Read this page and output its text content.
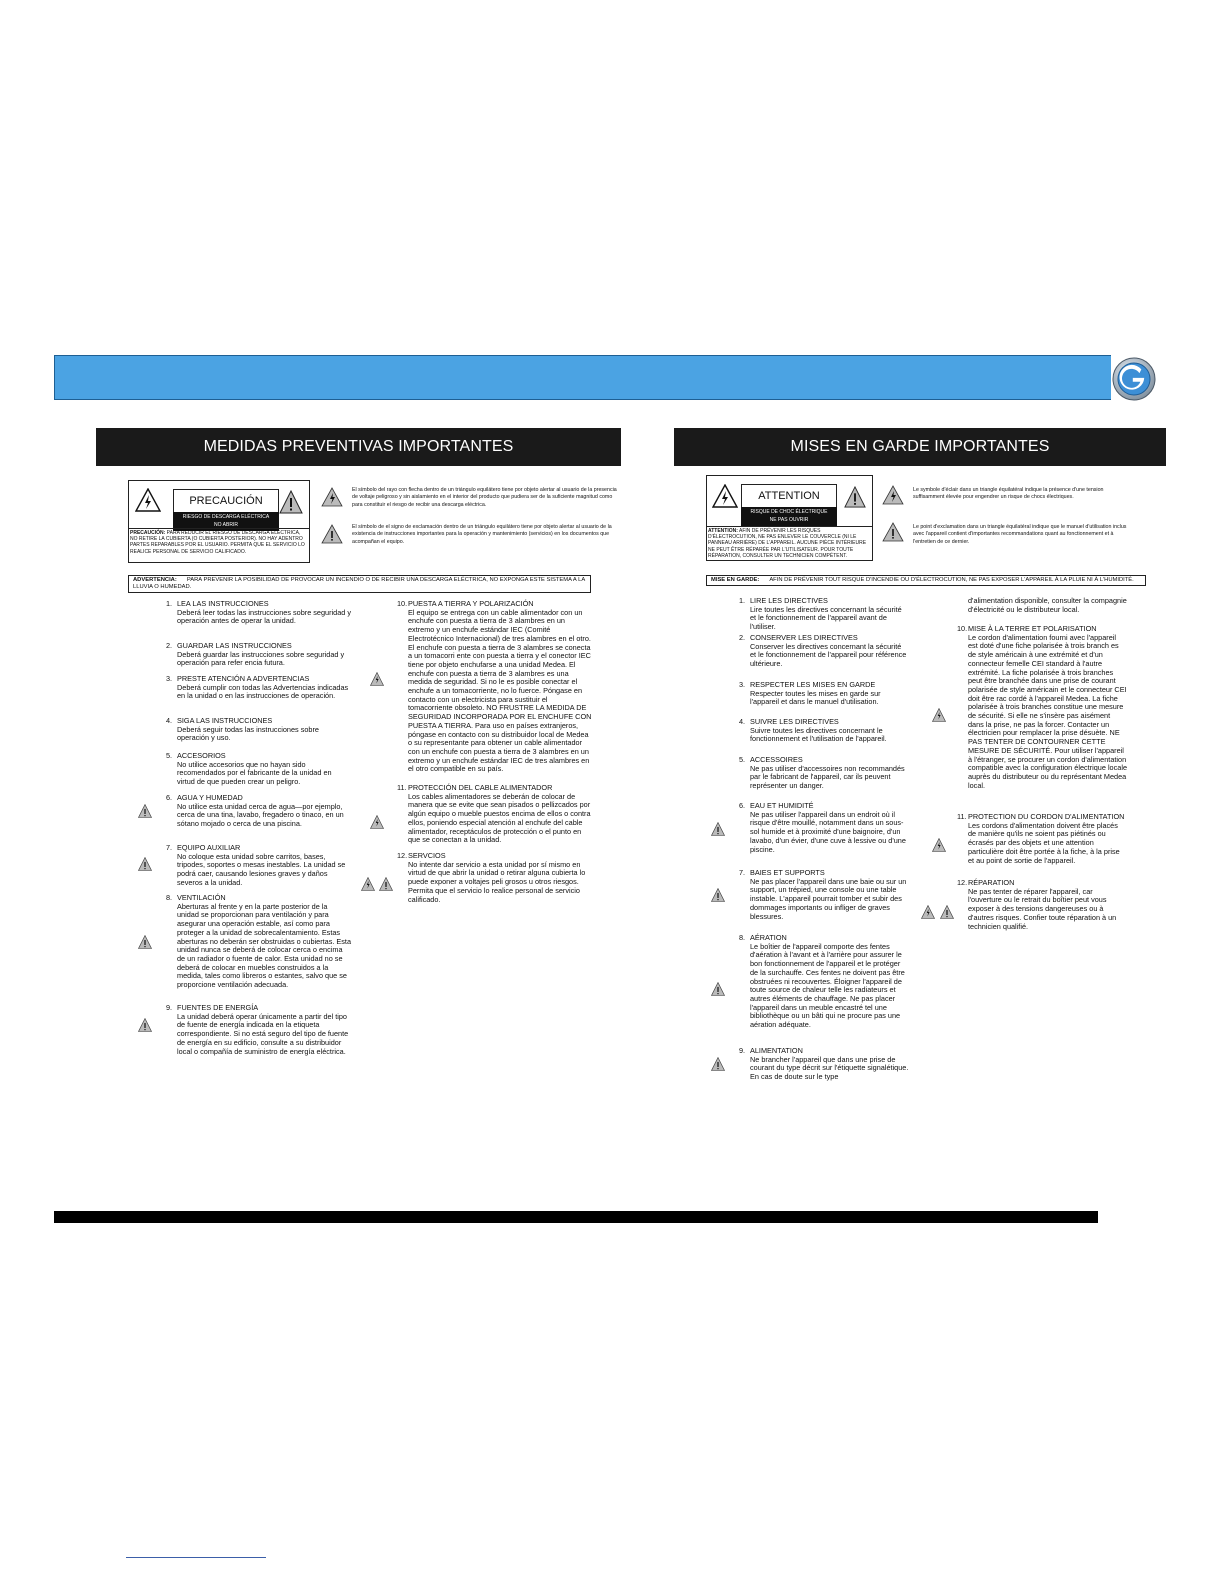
MEDIDAS PREVENTIVAS IMPORTANTES
PRECAUCIÓN
RIESGO DE DESCARGA ELÉCTRICA
NO ABRIR
PRECAUCIÓN: PARA REDUCIR EL RIESGO DE DESCARGA ELÉCTRICA, NO RETIRE LA CUBIERTA (O CUBIERTA POSTERIOR). NO HAY ADENTRO PARTES REPARABLES POR EL USUARIO. PERMITA QUE EL SERVICIO LO REALICE PERSONAL DE SERVICIO CALIFICADO.
El símbolo del rayo con flecha dentro de un triángulo equilátero tiene por objeto alertar al usuario de la presencia de voltaje peligroso y sin aislamiento en el interior del producto que pudiera ser de la suficiente magnitud como para constituir el riesgo de recibir una descarga eléctrica.
El símbolo de el signo de exclamación dentro de un triángulo equilátero tiene por objeto alertar al usuario de la existencia de instrucciones importantes para la operación y mantenimiento (servicios) en los documentos que acompañan el equipo.
ADVERTENCIA: PARA PREVENIR LA POSIBILIDAD DE PROVOCAR UN INCENDIO O DE RECIBIR UNA DESCARGA ELÉCTRICA, NO EXPONGA ESTE SISTEMA A LA LLUVIA O HUMEDAD.
1. LEA LAS INSTRUCCIONES
Deberá leer todas las instrucciones sobre seguridad y operación antes de operar la unidad.
2. GUARDAR LAS INSTRUCCIONES
Deberá guardar las instrucciones sobre seguridad y operación para refer encia futura.
3. PRESTE ATENCIÓN A ADVERTENCIAS
Deberá cumplir con todas las Advertencias indicadas en la unidad o en las instrucciones de operación.
4. SIGA LAS INSTRUCCIONES
Deberá seguir todas las instrucciones sobre operación y uso.
5. ACCESORIOS
No utilice accesorios que no hayan sido recomendados por el fabricante de la unidad en virtud de que pueden crear un peligro.
6. AGUA Y HUMEDAD
No utilice esta unidad cerca de agua—por ejemplo, cerca de una tina, lavabo, fregadero o tinaco, en un sótano mojado o cerca de una piscina.
7. EQUIPO AUXILIAR
No coloque esta unidad sobre carritos, bases, tripodes, soportes o mesas inestables. La unidad se podrá caer, causando lesiones graves y daños severos a la unidad.
8. VENTILACIÓN
Aberturas al frente y en la parte posterior de la unidad se proporcionan para ventilación y para asegurar una operación estable, así como para proteger a la unidad de sobrecalentamiento. Estas aberturas no deberán ser obstruidas o cubiertas. Esta unidad nunca se deberá de colocar cerca o encima de un radiador o fuente de calor. Esta unidad no se deberá de colocar en muebles construidos a la medida, tales como libreros o estantes, salvo que se proporcione ventilación adecuada.
9. FUENTES DE ENERGÍA
La unidad deberá operar únicamente a partir del tipo de fuente de energía indicada en la etiqueta correspondiente. Si no está seguro del tipo de fuente de energía en su edificio, consulte a su distribuidor local o compañía de suministro de energía eléctrica.
10.PUESTA A TIERRA Y POLARIZACIÓN
El equipo se entrega con un cable alimentador con un enchufe con puesta a tierra de 3 alambres en un extremo y un enchufe estándar IEC (Comité Electrotécnico Internacional) de tres alambres en el otro. El enchufe con puesta a tierra de 3 alambres se conecta a un tomacorri ente con puesta a tierra y el conector IEC tiene por objeto enchufarse a una unidad Medea. El enchufe con puesta a tierra de 3 alambres es una medida de seguridad. Si no le es posible conectar el enchufe a un tomacorriente, no lo fuerce. Póngase en contacto con un electricista para sustituir el tomacorriente obsoleto. NO FRUSTRE LA MEDIDA DE SEGURIDAD INCORPORADA POR EL ENCHUFE CON PUESTA A TIERRA. Para uso en países extranjeros, póngase en contacto con su distribuidor local de Medea o su representante para obtener un cable alimentador con un enchufe con puesta a tierra de 3 alambres en un extremo y un enchufe estándar IEC de tres alambres en el otro compatible en su país.
11.PROTECCIÓN DEL CABLE ALIMENTADOR
Los cables alimentadores se deberán de colocar de manera que se evite que sean pisados o pellizcados por algún equipo o mueble puestos encima de ellos o contra ellos, poniendo especial atención al enchufe del cable alimentador, receptáculos de protección o el punto en que se conectan a la unidad.
12.SERVCIOS
No intente dar servicio a esta unidad por sí mismo en virtud de que abrir la unidad o retirar alguna cubierta lo puede exponer a voltajes peli grosos u otros riesgos. Permita que el servicio lo realice personal de servicio calificado.
MISES EN GARDE IMPORTANTES
ATTENTION
RISQUE DE CHOC ÉLECTRIQUE
NE PAS OUVRIR
ATTENTION: AFIN DE PRÉVENIR LES RISQUES D'ÉLECTROCUTION, NE PAS ENLEVER LE COUVERCLE (NI LE PANNEAU ARRIÈRE) DE L'APPAREIL. AUCUNE PIÈCE INTÉRIEURE NE PEUT ÊTRE RÉPARÉE PAR L'UTILISATEUR. POUR TOUTE RÉPARATION, CONSULTER UN TECHNICIEN COMPÉTENT.
Le symbole d'éclair dans un triangle équilatéral indique la présence d'une tension suffisamment élevée pour engendrer un risque de chocs électriques.
Le point d'exclamation dans un triangle équilatéral indique que le manuel d'utilisation inclus avec l'appareil contient d'importantes recommandations quant au fonctionnement et à l'entretien de ce dernier.
MISE EN GARDE: AFIN DE PRÉVENIR TOUT RISQUE D'INCENDIE OU D'ÉLECTROCUTION, NE PAS EXPOSER L'APPAREIL À LA PLUIE NI À L'HUMIDITÉ.
1. LIRE LES DIRECTIVES
Lire toutes les directives concernant la sécurité et le fonctionnement de l'appareil avant de l'utiliser.
2. CONSERVER LES DIRECTIVES
Conserver les directives concernant la sécurité et le fonctionnement de l'appareil pour référence ultérieure.
3. RESPECTER LES MISES EN GARDE
Respecter toutes les mises en garde sur l'appareil et dans le manuel d'utilisation.
4. SUIVRE LES DIRECTIVES
Suivre toutes les directives concernant le fonctionnement et l'utilisation de l'appareil.
5. ACCESSOIRES
Ne pas utiliser d'accessoires non recommandés par le fabricant de l'appareil, car ils peuvent représenter un danger.
6. EAU ET HUMIDITÉ
Ne pas utiliser l'appareil dans un endroit où il risque d'être mouillé, notamment dans un sous-sol humide et à proximité d'une baignoire, d'un lavabo, d'un évier, d'une cuve à lessive ou d'une piscine.
7. BAIES ET SUPPORTS
Ne pas placer l'appareil dans une baie ou sur un support, un trépied, une console ou une table instable. L'appareil pourrait tomber et subir des dommages importants ou infliger de graves blessures.
8. AÉRATION
Le boîtier de l'appareil comporte des fentes d'aération à l'avant et à l'arrière pour assurer le bon fonctionnement de l'appareil et le protéger de la surchauffe. Ces fentes ne doivent pas être obstruées ni recouvertes. Éloigner l'appareil de toute source de chaleur telle les radiateurs et autres éléments de chauffage. Ne pas placer l'appareil dans un meuble encastré tel une bibliothèque ou un bâti qui ne procure pas une aération adéquate.
9. ALIMENTATION
Ne brancher l'appareil que dans une prise de courant du type décrit sur l'étiquette signalétique. En cas de doute sur le type
d'alimentation disponible, consulter la compagnie d'électricité ou le distributeur local.
10.MISE À LA TERRE ET POLARISATION
Le cordon d'alimentation fourni avec l'appareil est doté d'une fiche polarisée à trois branch es de style américain à une extrémité et d'un connecteur femelle CEI standard à l'autre extrémité. La fiche polarisée à trois branches peut être branchée dans une prise de courant polarisée de style américain et le connecteur CEI doit être rac cordé à l'appareil Medea. La fiche polarisée à trois branches constitue une mesure de sécurité. Si elle ne s'insère pas aisément dans la prise, ne pas la forcer. Contacter un électricien pour remplacer la prise désuète. NE PAS TENTER DE CONTOURNER CETTE MESURE DE SÉCURITÉ. Pour utiliser l'appareil à l'étranger, se procurer un cordon d'alimentation compatible avec la configuration électrique locale auprès du distributeur ou du représentant Medea local.
11.PROTECTION DU CORDON D'ALIMENTATION
Les cordons d'alimentation doivent être placés de manière qu'ils ne soient pas piétinés ou écrasés par des objets et une attention particulière doit être portée à la fiche, à la prise et au point de sortie de l'appareil.
12.RÉPARATION
Ne pas tenter de réparer l'appareil, car l'ouverture ou le retrait du boîtier peut vous exposer à des tensions dangereuses ou à d'autres risques. Confier toute réparation à un technicien qualifié.
